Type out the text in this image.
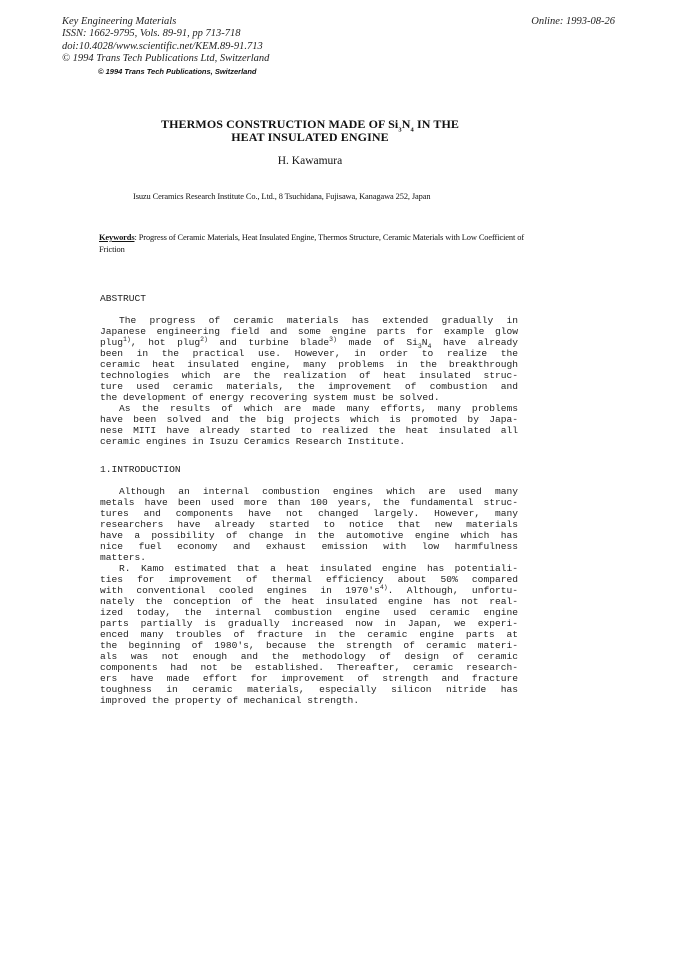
Key Engineering Materials
ISSN: 1662-9795, Vols. 89-91, pp 713-718
doi:10.4028/www.scientific.net/KEM.89-91.713
© 1994 Trans Tech Publications Ltd, Switzerland
Online: 1993-08-26
© 1994 Trans Tech Publications, Switzerland
THERMOS CONSTRUCTION MADE OF $Si_3N_4$ IN THE
HEAT INSULATED ENGINE
H. Kawamura
Isuzu Ceramics Research Institute Co., Ltd., 8 Tsuchidana, Fujisawa, Kanagawa 252, Japan
Keywords: Progress of Ceramic Materials, Heat Insulated Engine, Thermos Structure, Ceramic Materials with Low Coefficient of Friction
ABSTRUCT
The progress of ceramic materials has extended gradually in
Japanese engineering field and some engine parts for example glow
plug$^{1)}$, hot plug$^{2)}$ and turbine blade$^{3)}$ made of $Si_3N_4$ have already
been in the practical use. However, in order to realize the
ceramic heat insulated engine, many problems in the breakthrough
technologies which are the realization of heat insulated struc-
ture used ceramic materials, the improvement of combustion and
the development of energy recovering system must be solved.
As the results of which are made many efforts, many problems
have been solved and the big projects which is promoted by Japa-
nese MITI have already started to realized the heat insulated all
ceramic engines in Isuzu Ceramics Research Institute.
1.INTRODUCTION
Although an internal combustion engines which are used many
metals have been used more than 100 years, the fundamental struc-
tures and components have not changed largely. However, many
researchers have already started to notice that new materials
have a possibility of change in the automotive engine which has
nice fuel economy and exhaust emission with low harmfulness
matters.
R. Kamo estimated that a heat insulated engine has potentiali-
ties for improvement of thermal efficiency about 50% compared
with conventional cooled engines in $1970's^{4)}$. Although, unfortu-
nately the conception of the heat insulated engine has not real-
ized today, the internal combustion engine used ceramic engine
parts partially is gradually increased now in Japan, we experi-
enced many troubles of fracture in the ceramic engine parts at
the beginning of 1980's, because the strength of ceramic materi-
als was not enough and the methodology of design of ceramic
components had not be established. Thereafter, ceramic research-
ers have made effort for improvement of strength and fracture
toughness in ceramic materials, especially silicon nitride has
improved the property of mechanical strength.
